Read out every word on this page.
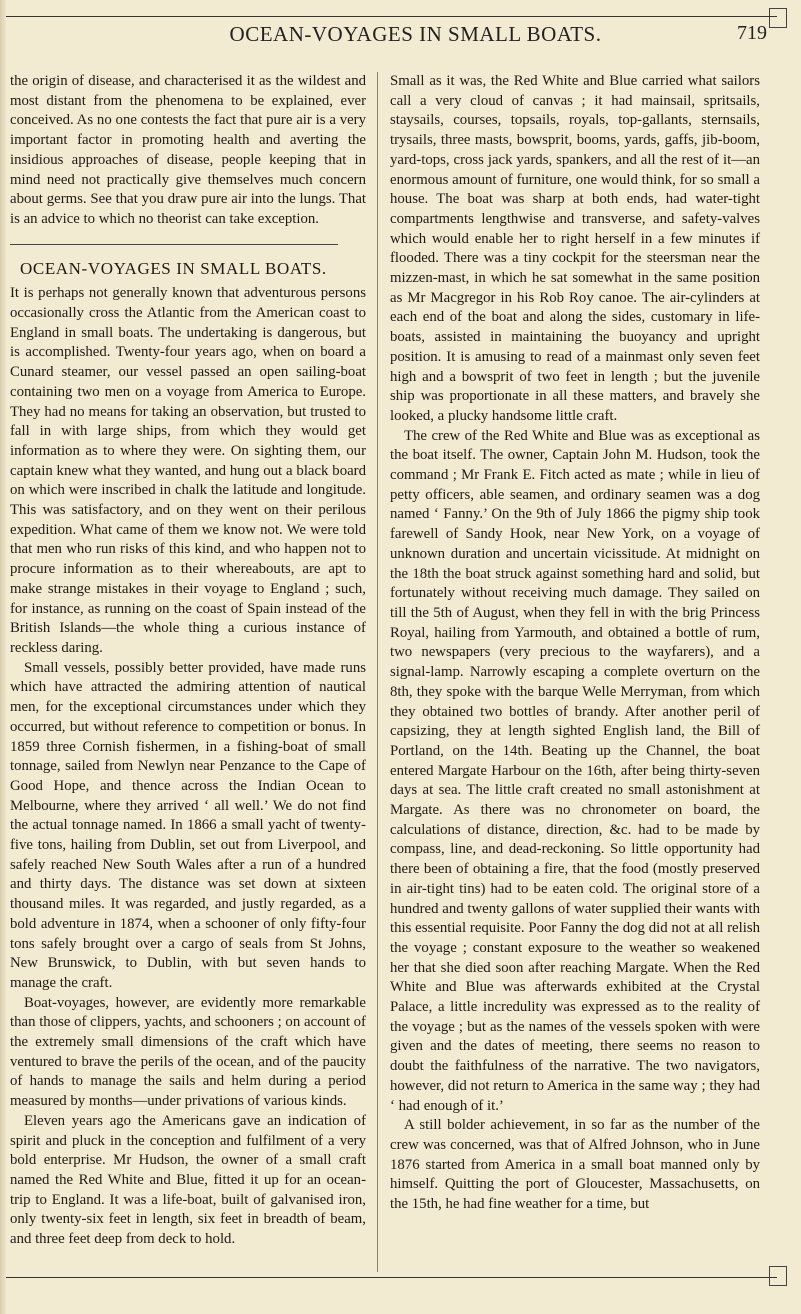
OCEAN-VOYAGES IN SMALL BOATS.	719

the origin of disease, and characterised it as the wildest and most distant from the phenomena to be explained, ever conceived. As no one contests the fact that pure air is a very important factor in promoting health and averting the insidious approaches of disease, people keeping that in mind need not practically give themselves much concern about germs. See that you draw pure air into the lungs. That is an advice to which no theorist can take exception.

OCEAN-VOYAGES IN SMALL BOATS.

It is perhaps not generally known that adventurous persons occasionally cross the Atlantic from the American coast to England in small boats. The undertaking is dangerous, but is accomplished. Twenty-four years ago, when on board a Cunard steamer, our vessel passed an open sailing-boat containing two men on a voyage from America to Europe. They had no means for taking an observation, but trusted to fall in with large ships, from which they would get information as to where they were. On sighting them, our captain knew what they wanted, and hung out a black board on which were inscribed in chalk the latitude and longitude. This was satisfactory, and on they went on their perilous expedition. What came of them we know not. We were told that men who run risks of this kind, and who happen not to procure information as to their whereabouts, are apt to make strange mistakes in their voyage to England ; such, for instance, as running on the coast of Spain instead of the British Islands—the whole thing a curious instance of reckless daring.

Small vessels, possibly better provided, have made runs which have attracted the admiring attention of nautical men, for the exceptional circumstances under which they occurred, but without reference to competition or bonus. In 1859 three Cornish fishermen, in a fishing-boat of small tonnage, sailed from Newlyn near Penzance to the Cape of Good Hope, and thence across the Indian Ocean to Melbourne, where they arrived ‘ all well.’ We do not find the actual tonnage named. In 1866 a small yacht of twenty-five tons, hailing from Dublin, set out from Liverpool, and safely reached New South Wales after a run of a hundred and thirty days. The distance was set down at sixteen thousand miles. It was regarded, and justly regarded, as a bold adventure in 1874, when a schooner of only fifty-four tons safely brought over a cargo of seals from St Johns, New Brunswick, to Dublin, with but seven hands to manage the craft.

Boat-voyages, however, are evidently more remarkable than those of clippers, yachts, and schooners ; on account of the extremely small dimensions of the craft which have ventured to brave the perils of the ocean, and of the paucity of hands to manage the sails and helm during a period measured by months—under privations of various kinds.

Eleven years ago the Americans gave an indication of spirit and pluck in the conception and fulfilment of a very bold enterprise. Mr Hudson, the owner of a small craft named the Red White and Blue, fitted it up for an ocean-trip to England. It was a life-boat, built of galvanised iron, only twenty-six feet in length, six feet in breadth of beam, and three feet deep from deck to hold.

Small as it was, the Red White and Blue carried what sailors call a very cloud of canvas ; it had mainsail, spritsails, staysails, courses, topsails, royals, top-gallants, sternsails, trysails, three masts, bowsprit, booms, yards, gaffs, jib-boom, yard-tops, cross jack yards, spankers, and all the rest of it—an enormous amount of furniture, one would think, for so small a house. The boat was sharp at both ends, had water-tight compartments lengthwise and transverse, and safety-valves which would enable her to right herself in a few minutes if flooded. There was a tiny cockpit for the steersman near the mizzen-mast, in which he sat somewhat in the same position as Mr Macgregor in his Rob Roy canoe. The air-cylinders at each end of the boat and along the sides, customary in life-boats, assisted in maintaining the buoyancy and upright position. It is amusing to read of a mainmast only seven feet high and a bowsprit of two feet in length ; but the juvenile ship was proportionate in all these matters, and bravely she looked, a plucky handsome little craft.

The crew of the Red White and Blue was as exceptional as the boat itself. The owner, Captain John M. Hudson, took the command ; Mr Frank E. Fitch acted as mate ; while in lieu of petty officers, able seamen, and ordinary seamen was a dog named ‘ Fanny.’ On the 9th of July 1866 the pigmy ship took farewell of Sandy Hook, near New York, on a voyage of unknown duration and uncertain vicissitude. At midnight on the 18th the boat struck against something hard and solid, but fortunately without receiving much damage. They sailed on till the 5th of August, when they fell in with the brig Princess Royal, hailing from Yarmouth, and obtained a bottle of rum, two newspapers (very precious to the wayfarers), and a signal-lamp. Narrowly escaping a complete overturn on the 8th, they spoke with the barque Welle Merryman, from which they obtained two bottles of brandy. After another peril of capsizing, they at length sighted English land, the Bill of Portland, on the 14th. Beating up the Channel, the boat entered Margate Harbour on the 16th, after being thirty-seven days at sea. The little craft created no small astonishment at Margate. As there was no chronometer on board, the calculations of distance, direction, &c. had to be made by compass, line, and dead-reckoning. So little opportunity had there been of obtaining a fire, that the food (mostly preserved in air-tight tins) had to be eaten cold. The original store of a hundred and twenty gallons of water supplied their wants with this essential requisite. Poor Fanny the dog did not at all relish the voyage ; constant exposure to the weather so weakened her that she died soon after reaching Margate. When the Red White and Blue was afterwards exhibited at the Crystal Palace, a little incredulity was expressed as to the reality of the voyage ; but as the names of the vessels spoken with were given and the dates of meeting, there seems no reason to doubt the faithfulness of the narrative. The two navigators, however, did not return to America in the same way ; they had ‘ had enough of it.’

A still bolder achievement, in so far as the number of the crew was concerned, was that of Alfred Johnson, who in June 1876 started from America in a small boat manned only by himself. Quitting the port of Gloucester, Massachusetts, on the 15th, he had fine weather for a time, but
